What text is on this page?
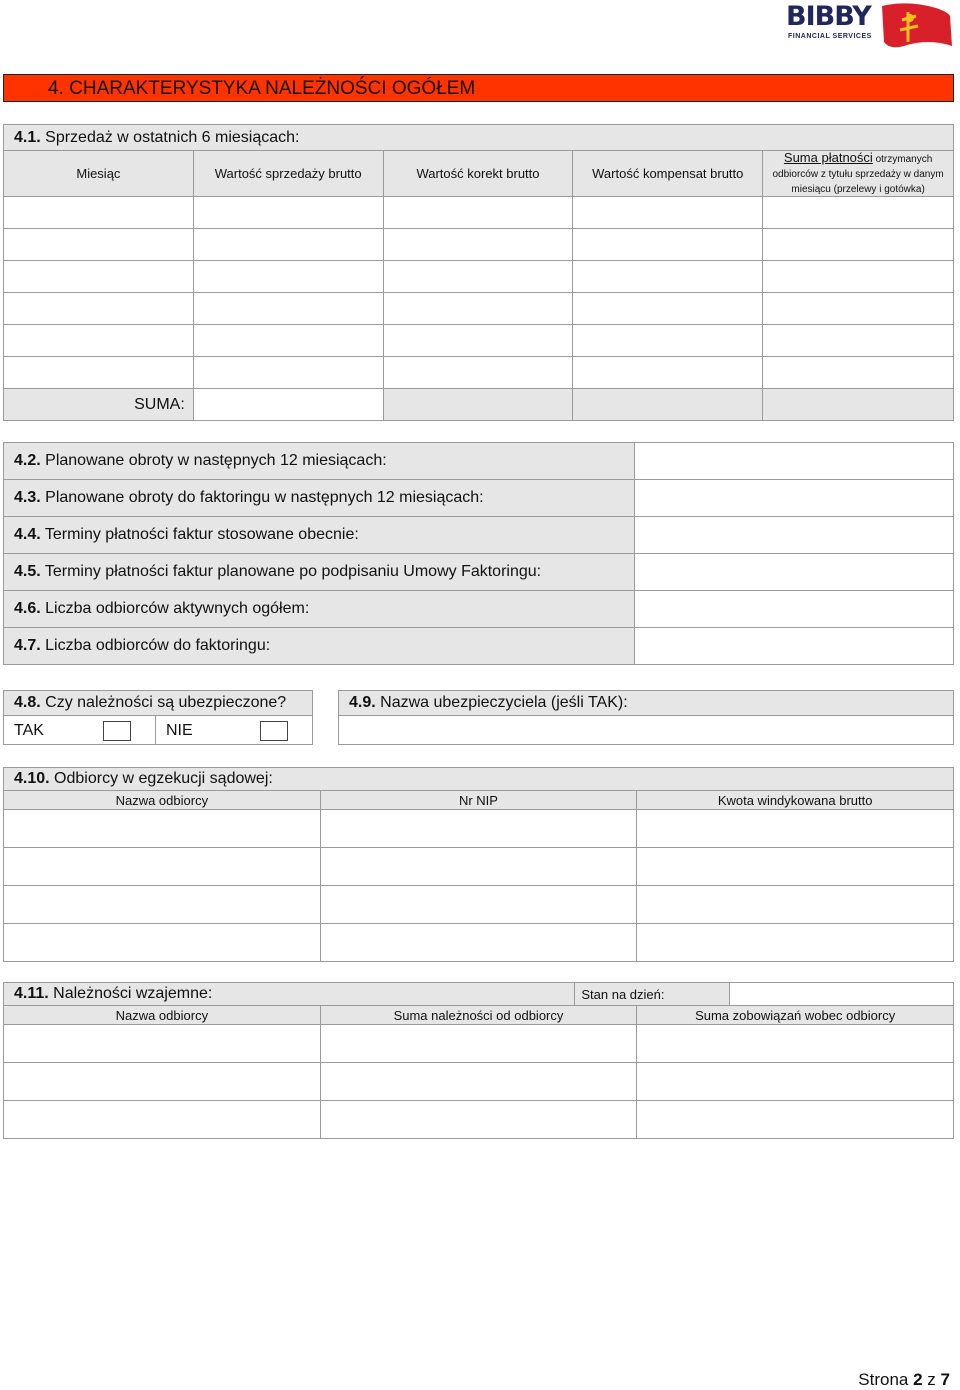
BIBBY
FINANCIAL SERVICES
4. CHARAKTERYSTYKA NALEŻNOŚCI OGÓŁEM
4.1. Sprzedaż w ostatnich 6 miesiącach:				
Miesiąc	Wartość sprzedaży brutto	Wartość korekt brutto	Wartość kompensat brutto	Suma płatności otrzymanych odbiorców z tytułu sprzedaży w danym miesiącu (przelewy i gotówka)

SUMA:				
4.2. Planowane obroty w następnych 12 miesiącach:	
4.3. Planowane obroty do faktoringu w następnych 12 miesiącach:	
4.4. Terminy płatności faktur stosowane obecnie:	
4.5. Terminy płatności faktur planowane po podpisaniu Umowy Faktoringu:	
4.6. Liczba odbiorców aktywnych ogółem:	
4.7. Liczba odbiorców do faktoringu:	
4.8. Czy należności są ubezpieczone?
TAK	NIE
4.9. Nazwa ubezpieczyciela (jeśli TAK):
4.10. Odbiorcy w egzekucji sądowej:		
Nazwa odbiorcy	Nr NIP	Kwota windykowana brutto

4.11. Należności wzajemne:		Stan na dzień:		
Nazwa odbiorcy	Suma należności od odbiorcy		Suma zobowiązań wobec odbiorcy	

Strona 2 z 7
